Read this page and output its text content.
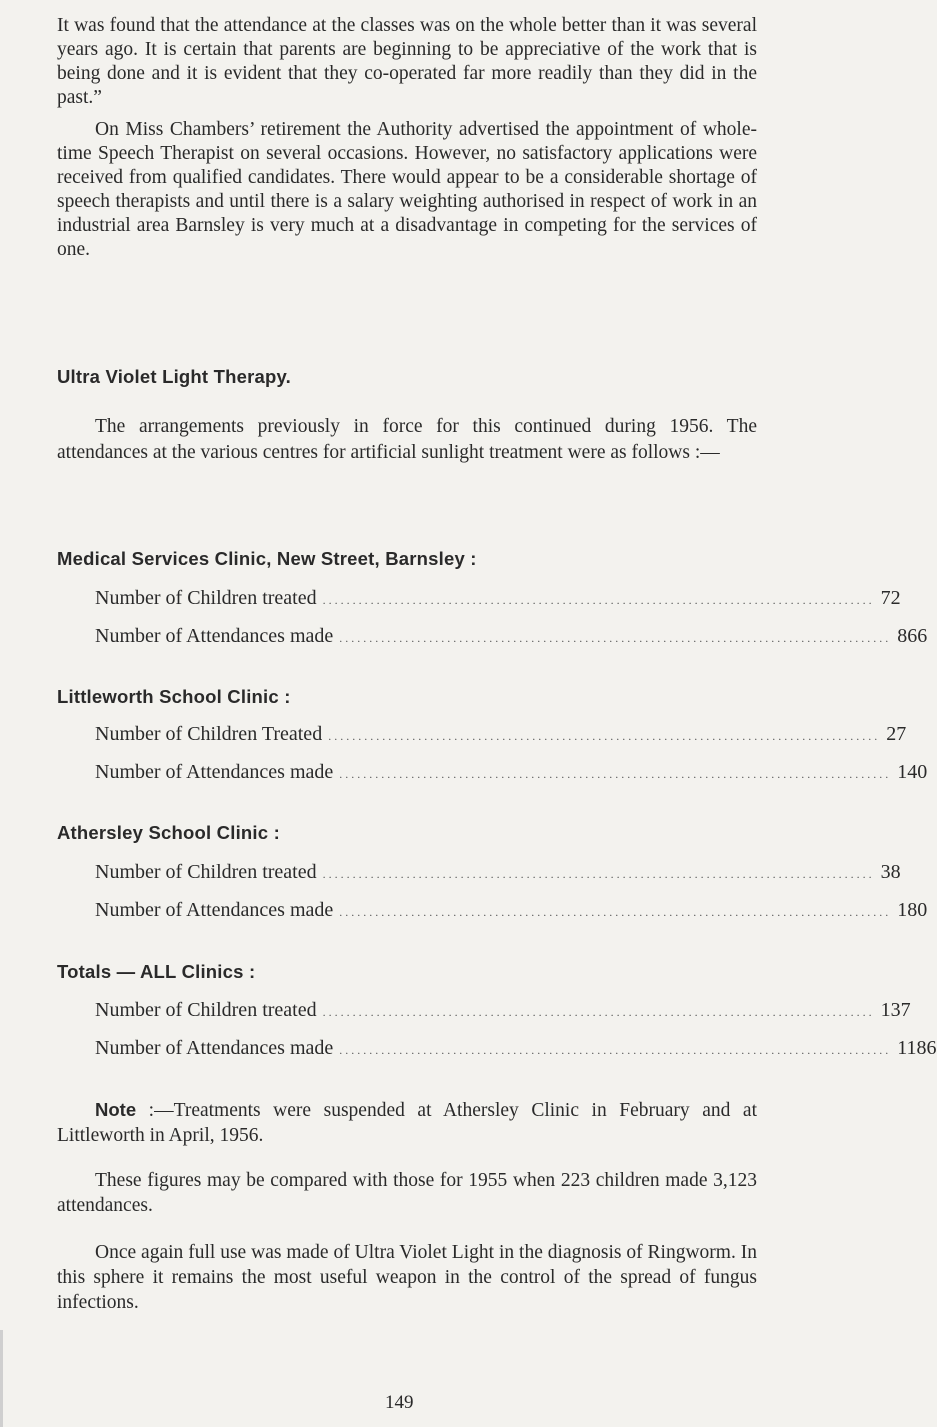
It was found that the attendance at the classes was on the whole better than it was several years ago. It is certain that parents are beginning to be appreciative of the work that is being done and it is evident that they co-operated far more readily than they did in the past.”

On Miss Chambers’ retirement the Authority advertised the appointment of whole-time Speech Therapist on several occasions. However, no satisfactory applications were received from qualified candidates. There would appear to be a considerable shortage of speech therapists and until there is a salary weighting authorised in respect of work in an industrial area Barnsley is very much at a disadvantage in competing for the services of one.

Ultra Violet Light Therapy.

The arrangements previously in force for this continued during 1956. The attendances at the various centres for artificial sunlight treatment were as follows :—

Medical Services Clinic, New Street, Barnsley :
Number of Children treated ............................................................................................ 72
Number of Attendances made ............................................................................................ 866
Littleworth School Clinic :
Number of Children Treated ............................................................................................ 27
Number of Attendances made ............................................................................................ 140
Athersley School Clinic :
Number of Children treated ............................................................................................ 38
Number of Attendances made ............................................................................................ 180
Totals — ALL Clinics :
Number of Children treated ............................................................................................ 137
Number of Attendances made ............................................................................................ 1186

Note :—Treatments were suspended at Athersley Clinic in February and at Littleworth in April, 1956.

These figures may be compared with those for 1955 when 223 children made 3,123 attendances.

Once again full use was made of Ultra Violet Light in the diagnosis of Ringworm. In this sphere it remains the most useful weapon in the control of the spread of fungus infections.

149
